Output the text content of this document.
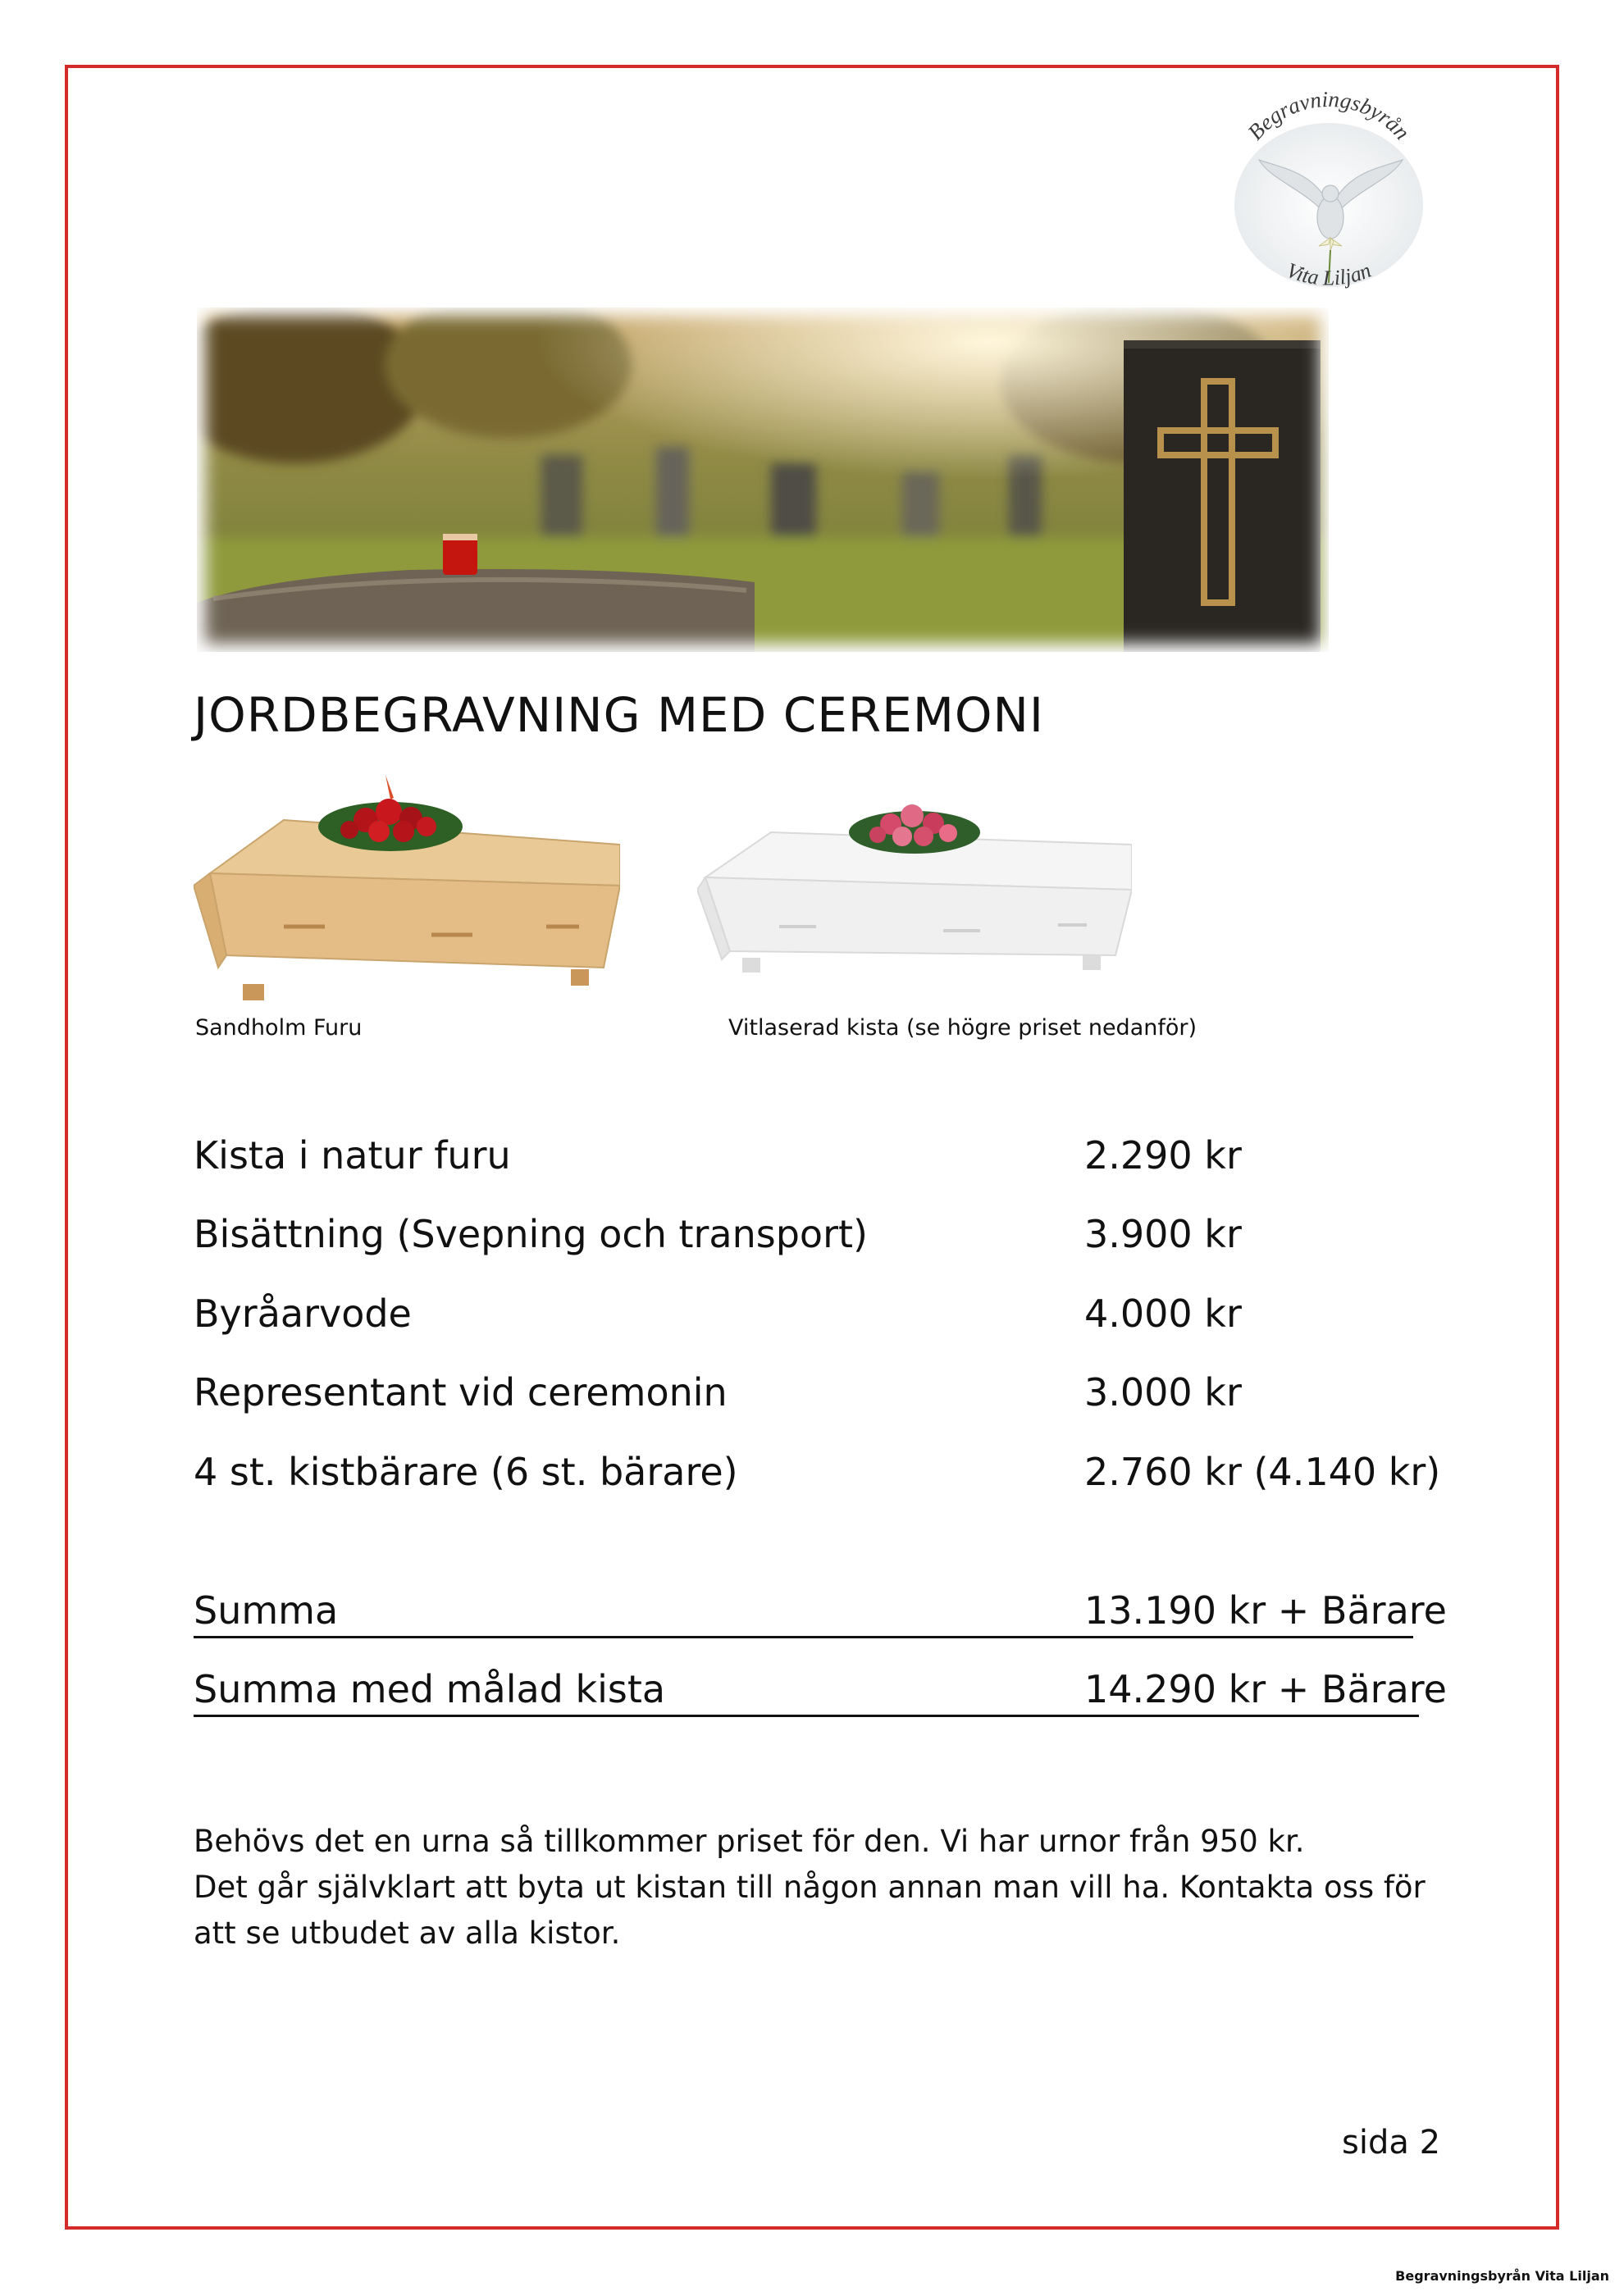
Begravningsbyrån
Vita Liljan
JORDBEGRAVNING MED CEREMONI
Sandholm Furu	Vitlaserad kista (se högre priset nedanför)
Kista i natur furu	2.290 kr
Bisättning (Svepning och transport)	3.900 kr
Byråarvode	4.000 kr
Representant vid ceremonin	3.000 kr
4 st. kistbärare (6 st. bärare)	2.760 kr (4.140 kr)
Summa	13.190 kr + Bärare
Summa med målad kista	14.290 kr + Bärare
Behövs det en urna så tillkommer priset för den. Vi har urnor från 950 kr.
Det går självklart att byta ut kistan till någon annan man vill ha. Kontakta oss för att se utbudet av alla kistor.
sida 2
Begravningsbyrån Vita Liljan
